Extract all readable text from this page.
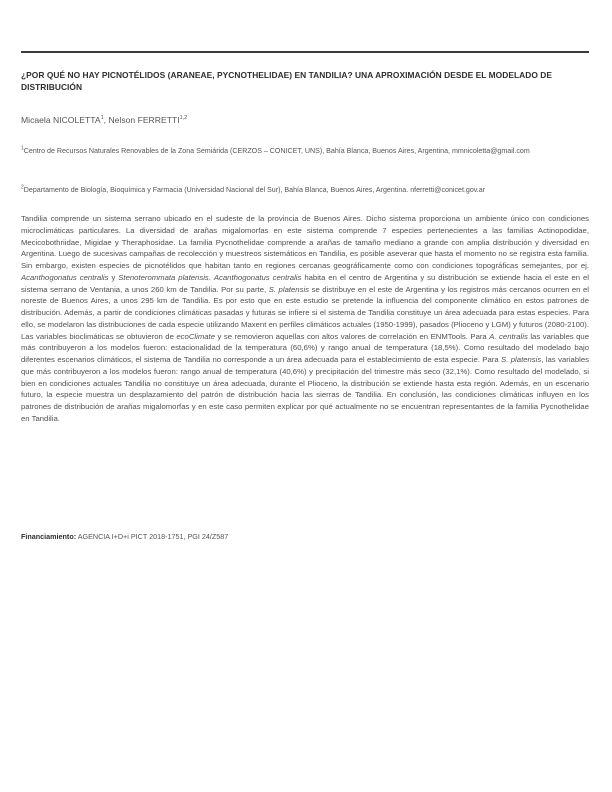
¿POR QUÉ NO HAY PICNOTÉLIDOS (ARANEAE, PYCNOTHELIDAE) EN TANDILIA? UNA APROXIMACIÓN DESDE EL MODELADO DE DISTRIBUCIÓN
Micaela NICOLETTA$^1$, Nelson FERRETTI$^{1,2}$

$^1$Centro de Recursos Naturales Renovables de la Zona Semiárida (CERZOS – CONICET, UNS), Bahía Blanca, Buenos Aires, Argentina, mmnicoletta@gmail.com

$^2$Departamento de Biología, Bioquímica y Farmacia (Universidad Nacional del Sur), Bahía Blanca, Buenos Aires, Argentina. nferretti@conicet.gov.ar

Tandilia comprende un sistema serrano ubicado en el sudeste de la provincia de Buenos Aires. Dicho sistema proporciona un ambiente único con condiciones microclimáticas particulares. La diversidad de arañas migalomorfas en este sistema comprende 7 especies pertenecientes a las familias Actinopodidae, Mecicobothriidae, Migidae y Theraphosidae. La familia Pycnothelidae comprende a arañas de tamaño mediano a grande con amplia distribución y diversidad en Argentina. Luego de sucesivas campañas de recolección y muestreos sistemáticos en Tandilia, es posible aseverar que hasta el momento no se registra esta familia. Sin embargo, existen especies de picnotélidos que habitan tanto en regiones cercanas geográficamente como con condiciones topográficas semejantes, por ej. Acanthogonatus centralis y Stenoterommata platensis. Acanthogonatus centralis habita en el centro de Argentina y su distribución se extiende hacia el este en el sistema serrano de Ventania, a unos 260 km de Tandilia. Por su parte, S. platensis se distribuye en el este de Argentina y los registros más cercanos ocurren en el noreste de Buenos Aires, a unos 295 km de Tandilia. Es por esto que en este estudio se pretende la influencia del componente climático en estos patrones de distribución. Además, a partir de condiciones climáticas pasadas y futuras se infiere si el sistema de Tandilia constituye un área adecuada para estas especies. Para ello, se modelaron las distribuciones de cada especie utilizando Maxent en perfiles climáticos actuales (1950-1999), pasados (Plioceno y LGM) y futuros (2080-2100). Las variables bioclimáticas se obtuvieron de ecoClimate y se removieron aquellas con altos valores de correlación en ENMTools. Para A. centralis las variables que más contribuyeron a los modelos fueron: estacionalidad de la temperatura (60,6%) y rango anual de temperatura (18,5%). Como resultado del modelado bajo diferentes escenarios climáticos, el sistema de Tandilia no corresponde a un área adecuada para el establecimiento de esta especie. Para S. platensis, las variables que más contribuyeron a los modelos fueron: rango anual de temperatura (40,6%) y precipitación del trimestre más seco (32,1%). Como resultado del modelado, si bien en condiciones actuales Tandilia no constituye un área adecuada, durante el Plioceno, la distribución se extiende hasta esta región. Además, en un escenario futuro, la especie muestra un desplazamiento del patrón de distribución hacia las sierras de Tandilia. En conclusión, las condiciones climáticas influyen en los patrones de distribución de arañas migalomorfas y en este caso permiten explicar por qué actualmente no se encuentran representantes de la familia Pycnothelidae en Tandilia.

Financiamiento: AGENCIA I+D+i PICT 2018-1751, PGI 24/Z587
